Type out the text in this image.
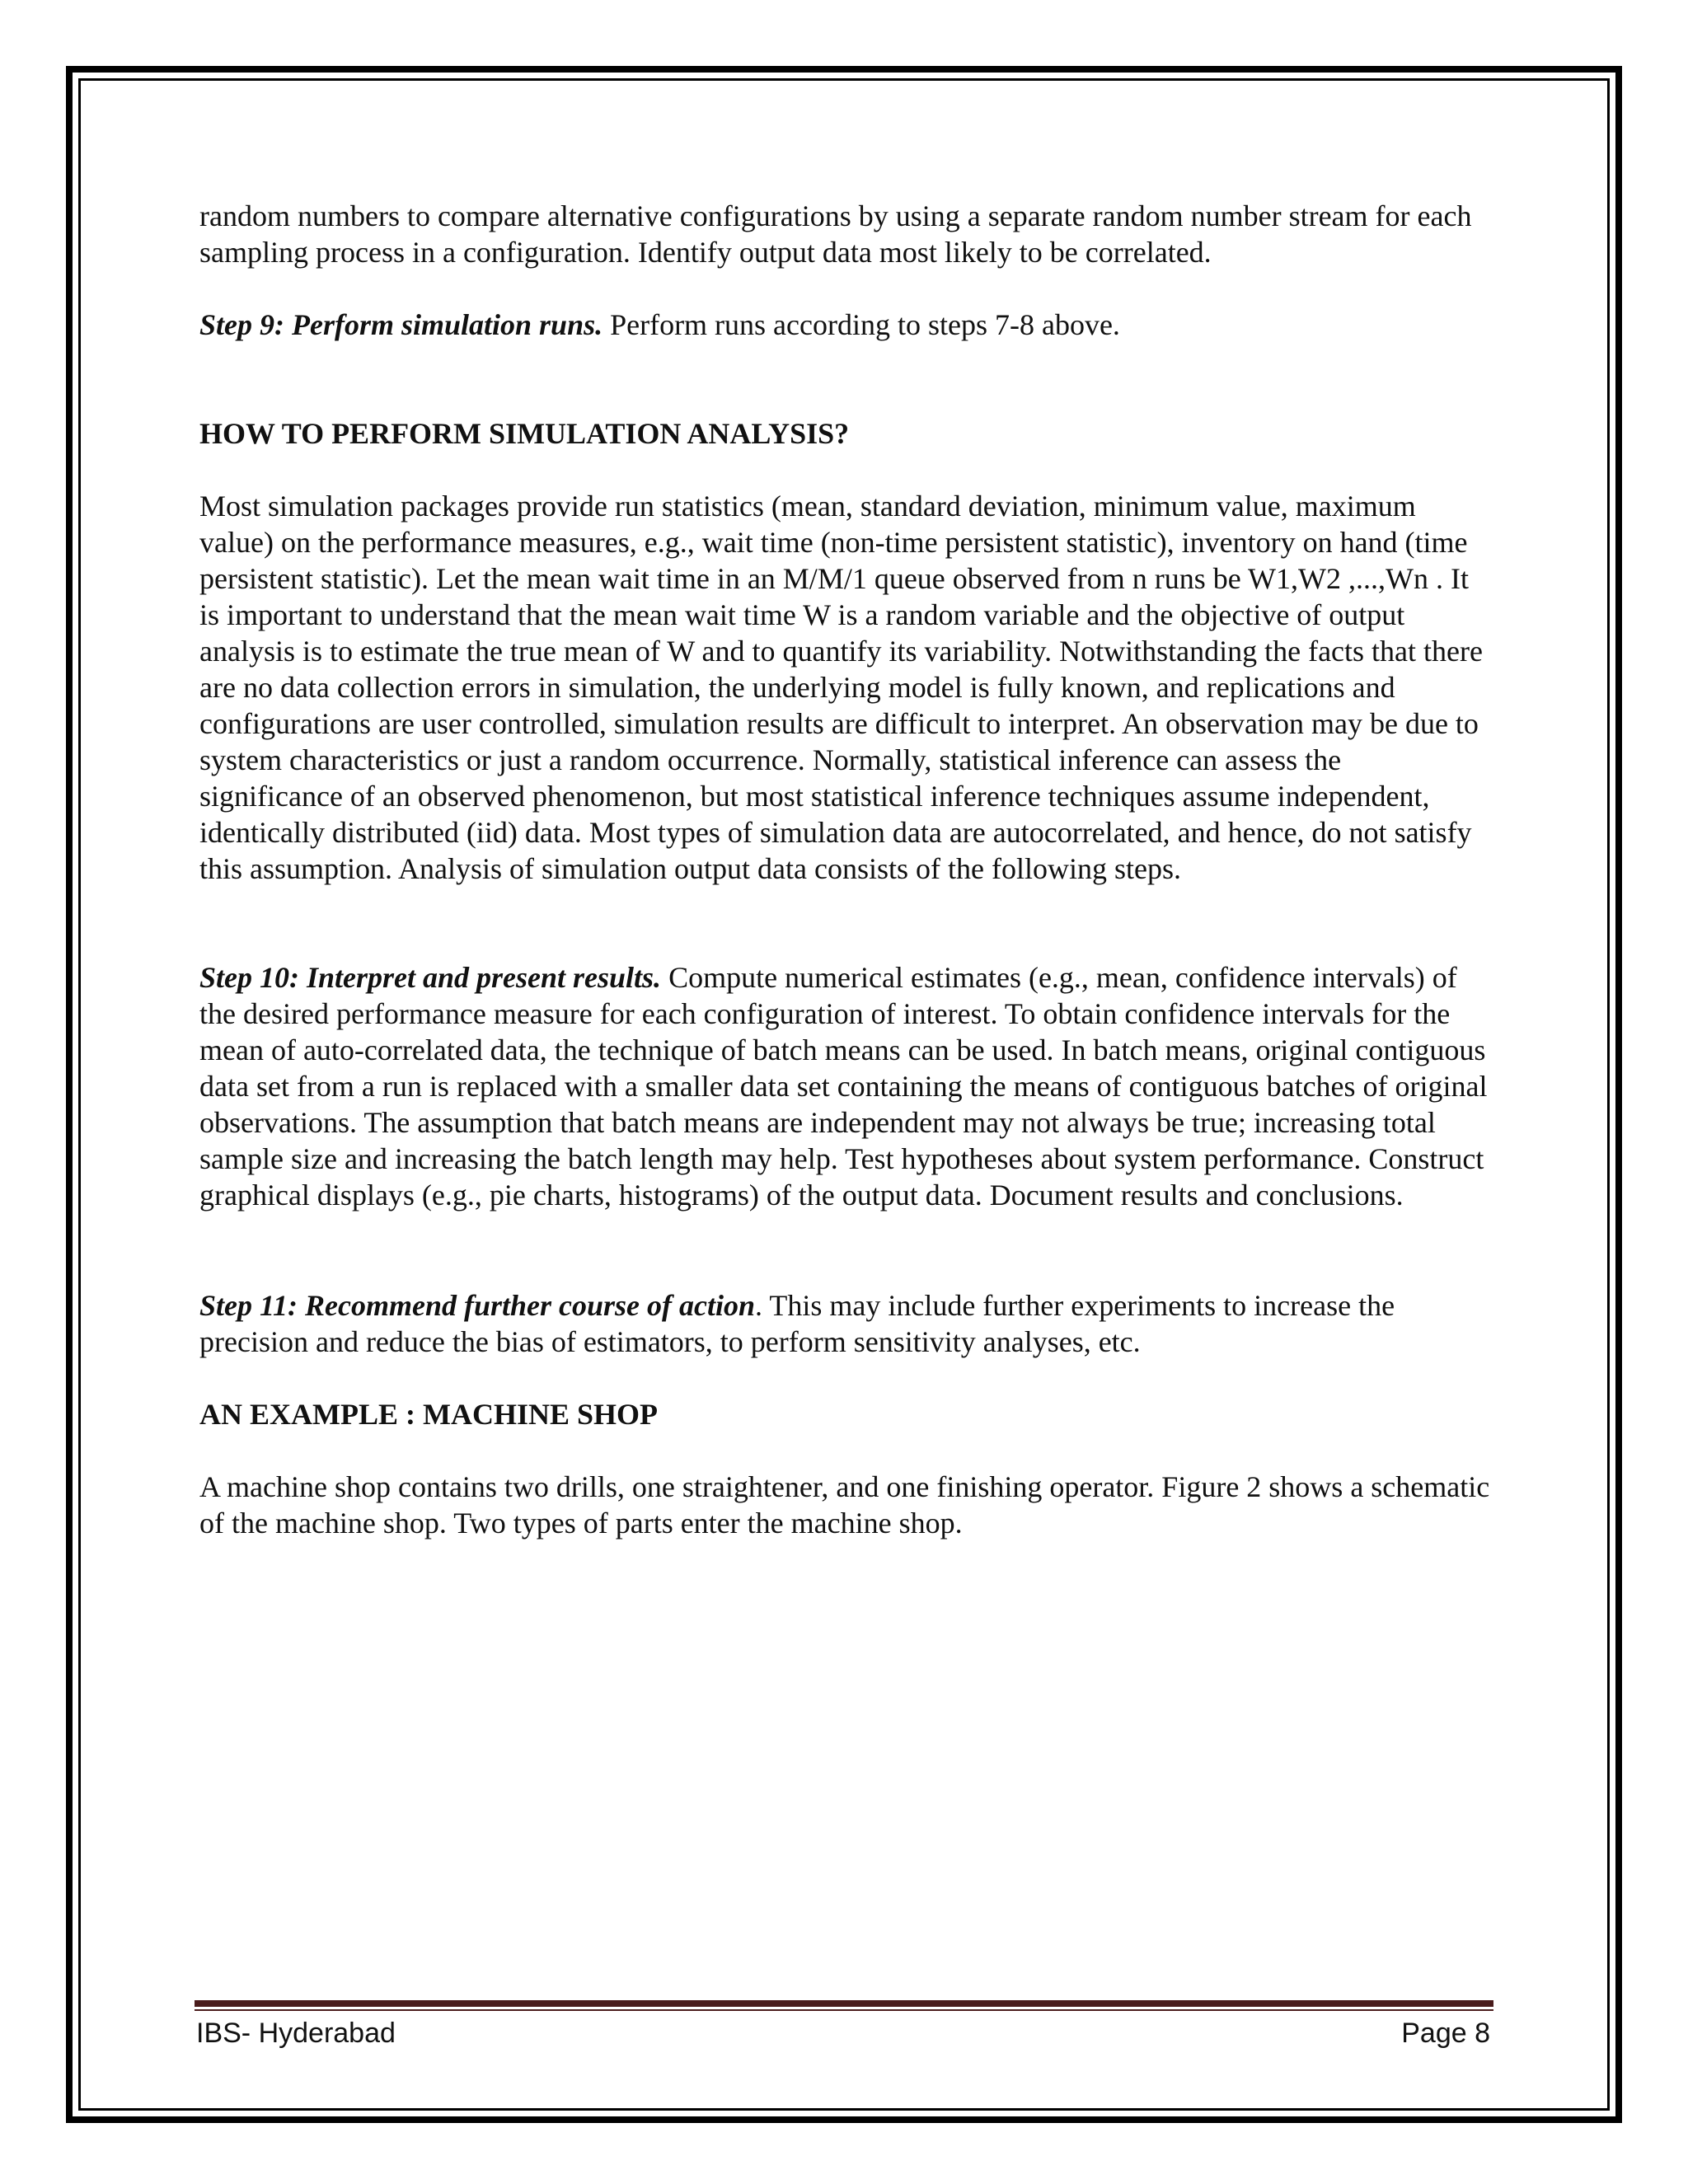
random numbers to compare alternative configurations by using a separate random number stream for each sampling process in a configuration. Identify output data most likely to be correlated.

Step 9: Perform simulation runs. Perform runs according to steps 7-8 above.

HOW TO PERFORM SIMULATION ANALYSIS?

Most simulation packages provide run statistics (mean, standard deviation, minimum value, maximum value) on the performance measures, e.g., wait time (non-time persistent statistic), inventory on hand (time persistent statistic). Let the mean wait time in an M/M/1 queue observed from n runs be W1,W2 ,...,Wn . It is important to understand that the mean wait time W is a random variable and the objective of output analysis is to estimate the true mean of W and to quantify its variability. Notwithstanding the facts that there are no data collection errors in simulation, the underlying model is fully known, and replications and configurations are user controlled, simulation results are difficult to interpret. An observation may be due to system characteristics or just a random occurrence. Normally, statistical inference can assess the significance of an observed phenomenon, but most statistical inference techniques assume independent, identically distributed (iid) data. Most types of simulation data are autocorrelated, and hence, do not satisfy this assumption. Analysis of simulation output data consists of the following steps.

Step 10: Interpret and present results. Compute numerical estimates (e.g., mean, confidence intervals) of the desired performance measure for each configuration of interest. To obtain confidence intervals for the mean of auto-correlated data, the technique of batch means can be used. In batch means, original contiguous data set from a run is replaced with a smaller data set containing the means of contiguous batches of original observations. The assumption that batch means are independent may not always be true; increasing total sample size and increasing the batch length may help. Test hypotheses about system performance. Construct graphical displays (e.g., pie charts, histograms) of the output data. Document results and conclusions.

Step 11: Recommend further course of action. This may include further experiments to increase the precision and reduce the bias of estimators, to perform sensitivity analyses, etc.

AN EXAMPLE : MACHINE SHOP

A machine shop contains two drills, one straightener, and one finishing operator. Figure 2 shows a schematic of the machine shop. Two types of parts enter the machine shop.

IBS- Hyderabad	Page 8
